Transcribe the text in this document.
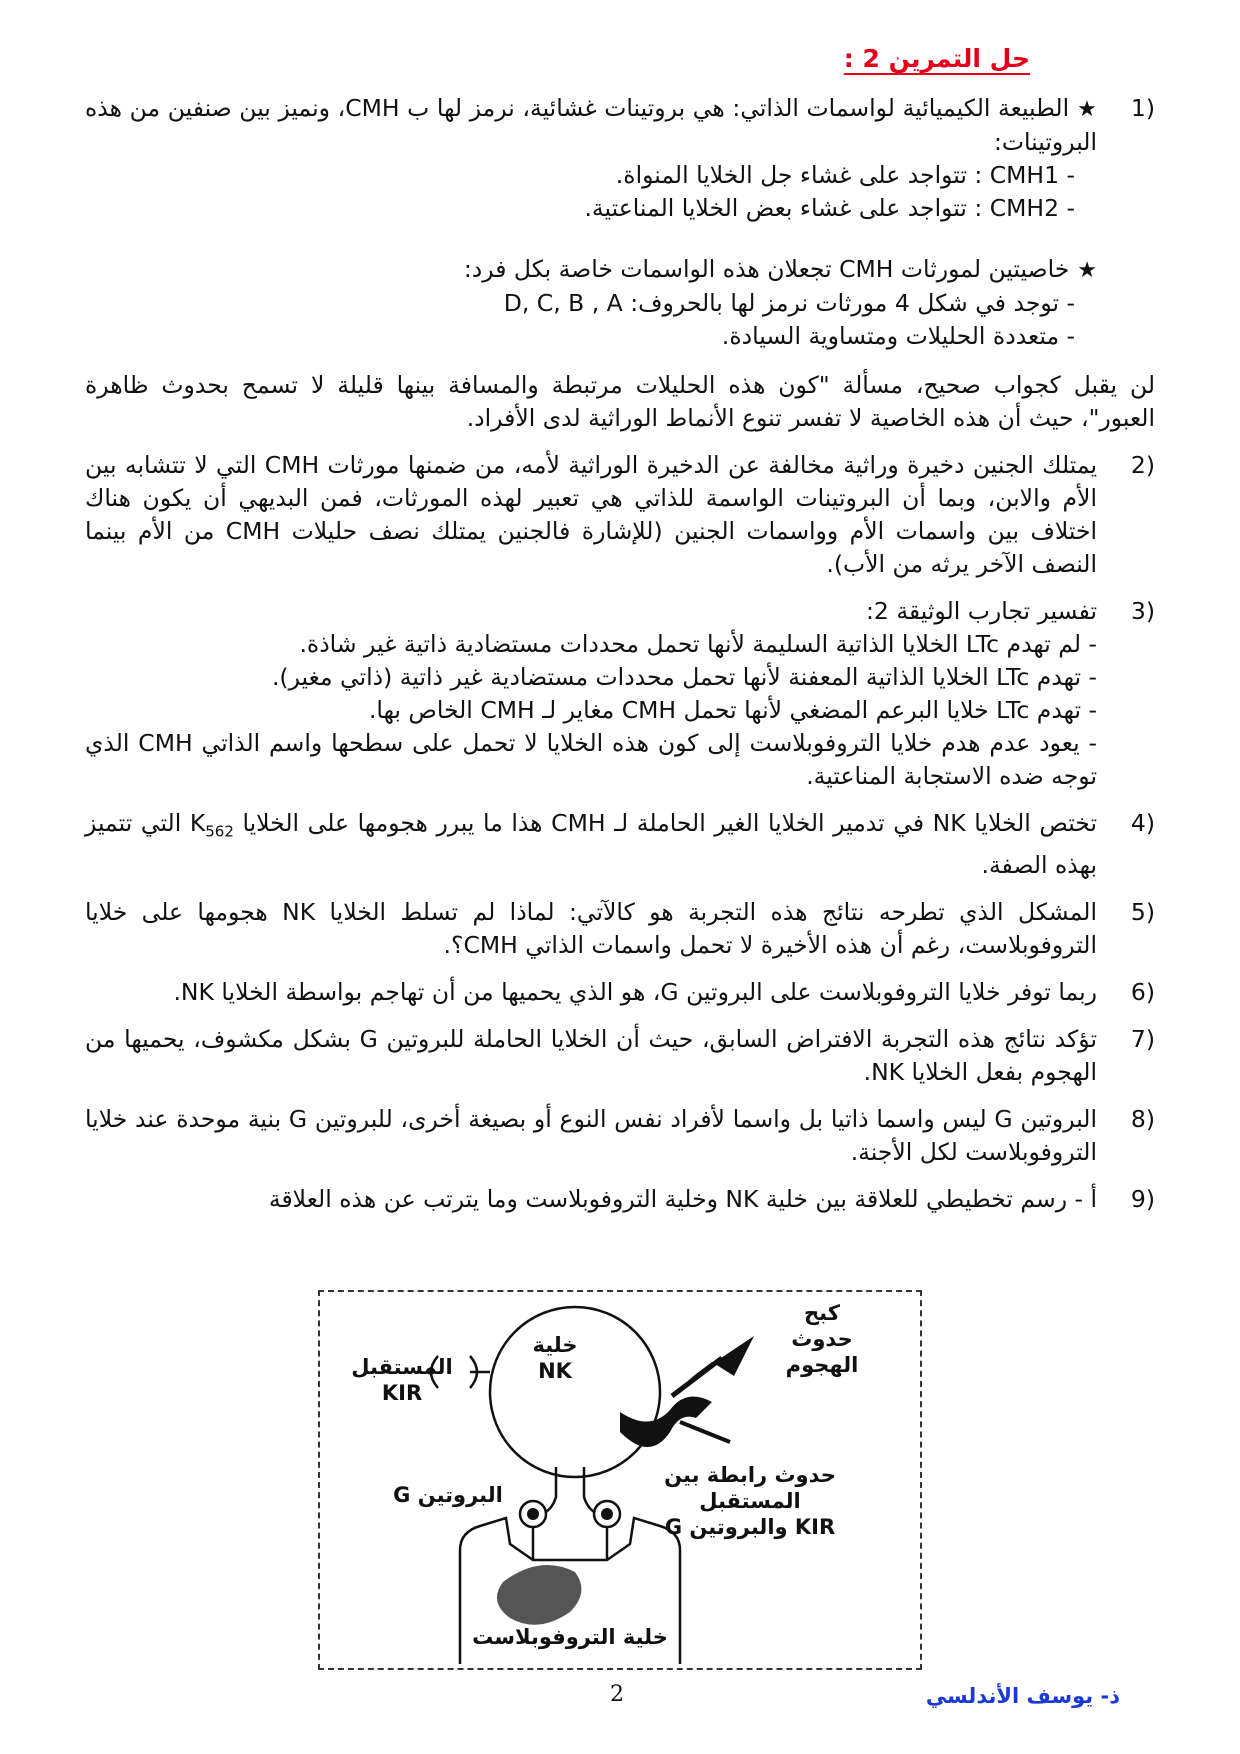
حل التمرين 2 :
(1

★الطبيعة الكيميائية لواسمات الذاتي: هي بروتينات غشائية، نرمز لها ب CMH، ونميز بين صنفين من هذه البروتينات:

- CMH1 : تتواجد على غشاء جل الخلايا المنواة.

- CMH2 : تتواجد على غشاء بعض الخلايا المناعتية.

★خاصيتين لمورثات CMH تجعلان هذه الواسمات خاصة بكل فرد:

- توجد في شكل 4 مورثات نرمز لها بالحروف: D, C, B , A

- متعددة الحليلات ومتساوية السيادة.

لن يقبل كجواب صحيح، مسألة "كون هذه الحليلات مرتبطة والمسافة بينها قليلة لا تسمح بحدوث ظاهرة العبور"، حيث أن هذه الخاصية لا تفسر تنوع الأنماط الوراثية لدى الأفراد.

(2

يمتلك الجنين دخيرة وراثية مخالفة عن الدخيرة الوراثية لأمه، من ضمنها مورثات CMH التي لا تتشابه بين الأم والابن، وبما أن البروتينات الواسمة للذاتي هي تعبير لهذه المورثات، فمن البديهي أن يكون هناك اختلاف بين واسمات الأم وواسمات الجنين (للإشارة فالجنين يمتلك نصف حليلات CMH من الأم بينما النصف الآخر يرثه من الأب).

(3

تفسير تجارب الوثيقة 2:

- لم تهدم LTc الخلايا الذاتية السليمة لأنها تحمل محددات مستضادية ذاتية غير شاذة.

- تهدم LTc الخلايا الذاتية المعفنة لأنها تحمل محددات مستضادية غير ذاتية (ذاتي مغير).

- تهدم LTc خلايا البرعم المضغي لأنها تحمل CMH مغاير لـ CMH الخاص بها.

- يعود عدم هدم خلايا التروفوبلاست إلى كون هذه الخلايا لا تحمل على سطحها واسم الذاتي CMH الذي توجه ضده الاستجابة المناعتية.

(4

تختص الخلايا NK في تدمير الخلايا الغير الحاملة لـ CMH هذا ما يبرر هجومها على الخلايا $K_{562}$ التي تتميز بهذه الصفة.

(5

المشكل الذي تطرحه نتائج هذه التجربة هو كالآتي: لماذا لم تسلط الخلايا NK هجومها على خلايا التروفوبلاست، رغم أن هذه الأخيرة لا تحمل واسمات الذاتي CMH؟.

(6

ربما توفر خلايا التروفوبلاست على البروتين G، هو الذي يحميها من أن تهاجم بواسطة الخلايا NK.

(7

تؤكد نتائج هذه التجربة الافتراض السابق، حيث أن الخلايا الحاملة للبروتين G بشكل مكشوف، يحميها من الهجوم بفعل الخلايا NK.

(8

البروتين G ليس واسما ذاتيا بل واسما لأفراد نفس النوع أو بصيغة أخرى، للبروتين G بنية موحدة عند خلايا التروفوبلاست لكل الأجنة.

(9

أ - رسم تخطيطي للعلاقة بين خلية NK وخلية التروفوبلاست وما يترتب عن هذه العلاقة

خلية
NK
المستقبل
KIR
كبح
حدوث
الهجوم
البروتين G
حدوث رابطة بين المستقبل
KIR والبروتين G
خلية التروفوبلاست
2	ذ- يوسف الأندلسي
